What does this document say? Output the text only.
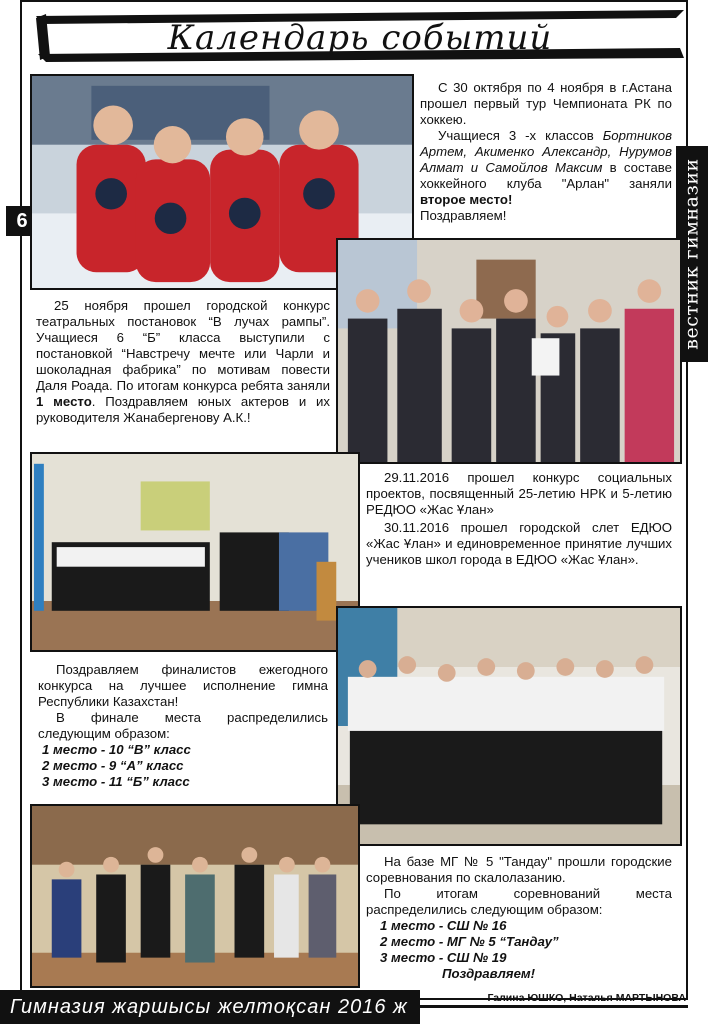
Календарь событий
6	вестник гимназии

С 30 октября по 4 ноября в г.Астана прошел первый тур Чемпионата РК по хоккею.

Учащиеся 3 -х классов Бортников Артем, Акименко Александр, Нурумов Алмат и Самойлов Максим в составе хоккейного клуба "Арлан" заняли второе место!

Поздравляем!

25 ноября прошел городской конкурс театральных постановок “В лучах рампы”. Учащиеся 6 “Б” класса выступили с постановкой “Навстречу мечте или Чарли и шоколадная фабрика” по мотивам повести Даля Роада. По итогам конкурса ребята заняли 1 место. Поздравляем юных актеров и их руководителя Жанабергенову А.К.!

29.11.2016 прошел конкурс социальных проектов, посвященный 25-летию НРК и 5-летию РЕДЮО «Жас Ұлан»

30.11.2016 прошел городской слет ЕДЮО «Жас Ұлан» и единовременное принятие лучших учеников школ города в ЕДЮО «Жас Ұлан».

Поздравляем финалистов ежегодного конкурса на лучшее исполнение гимна Республики Казахстан!

В финале места распределились следующим образом:

1 место - 10 “В” класс

2 место - 9 “А” класс

3 место - 11 “Б” класс

На базе МГ № 5 "Тандау" прошли городские соревнования по скалолазанию.

По итогам соревнований места распределились следующим образом:

1 место - СШ № 16

2 место - МГ № 5 “Тандау”

3 место - СШ № 19

Поздравляем!

Галина ЮШКО, Наталья МАРТЫНОВА
Гимназия жаршысы желтоқсан 2016 ж
